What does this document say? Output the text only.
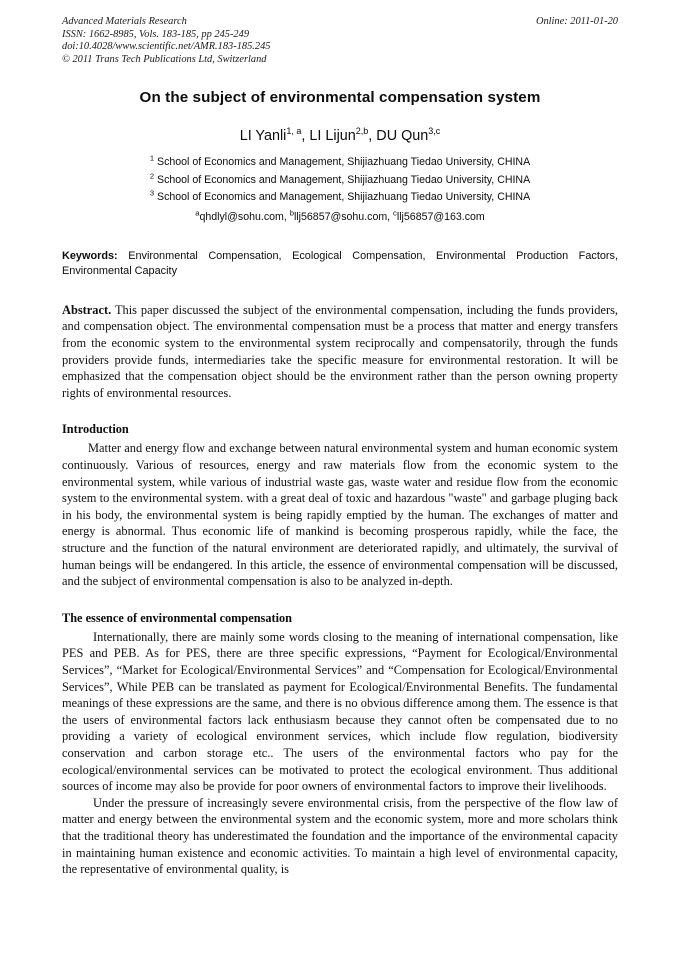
Online: 2011-01-20
Advanced Materials Research
ISSN: 1662-8985, Vols. 183-185, pp 245-249
doi:10.4028/www.scientific.net/AMR.183-185.245
© 2011 Trans Tech Publications Ltd, Switzerland
On the subject of environmental compensation system
LI Yanli$^{1, a}$, LI Lijun$^{2,b}$, DU Qun$^{3,c}$
$^1$ School of Economics and Management, Shijiazhuang Tiedao University, CHINA
$^2$ School of Economics and Management, Shijiazhuang Tiedao University, CHINA
$^3$ School of Economics and Management, Shijiazhuang Tiedao University, CHINA
$^a$qhdlyl@sohu.com, $^b$llj56857@sohu.com, $^c$llj56857@163.com
Keywords: Environmental Compensation, Ecological Compensation, Environmental Production Factors, Environmental Capacity
Abstract. This paper discussed the subject of the environmental compensation, including the funds providers, and compensation object. The environmental compensation must be a process that matter and energy transfers from the economic system to the environmental system reciprocally and compensatorily, through the funds providers provide funds, intermediaries take the specific measure for environmental restoration. It will be emphasized that the compensation object should be the environment rather than the person owning property rights of environmental resources.
Introduction

Matter and energy flow and exchange between natural environmental system and human economic system continuously. Various of resources, energy and raw materials flow from the economic system to the environmental system, while various of industrial waste gas, waste water and residue flow from the economic system to the environmental system. with a great deal of toxic and hazardous "waste" and garbage pluging back in his body, the environmental system is being rapidly emptied by the human. The exchanges of matter and energy is abnormal. Thus economic life of mankind is becoming prosperous rapidly, while the face, the structure and the function of the natural environment are deteriorated rapidly, and ultimately, the survival of human beings will be endangered. In this article, the essence of environmental compensation will be discussed, and the subject of environmental compensation is also to be analyzed in-depth.

The essence of environmental compensation

Internationally, there are mainly some words closing to the meaning of international compensation, like PES and PEB. As for PES, there are three specific expressions, “Payment for Ecological/Environmental Services”, “Market for Ecological/Environmental Services” and “Compensation for Ecological/Environmental Services”, While PEB can be translated as payment for Ecological/Environmental Benefits. The fundamental meanings of these expressions are the same, and there is no obvious difference among them. The essence is that the users of environmental factors lack enthusiasm because they cannot often be compensated due to no providing a variety of ecological environment services, which include flow regulation, biodiversity conservation and carbon storage etc.. The users of the environmental factors who pay for the ecological/environmental services can be motivated to protect the ecological environment. Thus additional sources of income may also be provide for poor owners of environmental factors to improve their livelihoods.

Under the pressure of increasingly severe environmental crisis, from the perspective of the flow law of matter and energy between the environmental system and the economic system, more and more scholars think that the traditional theory has underestimated the foundation and the importance of the environmental capacity in maintaining human existence and economic activities. To maintain a high level of environmental capacity, the representative of environmental quality, is
